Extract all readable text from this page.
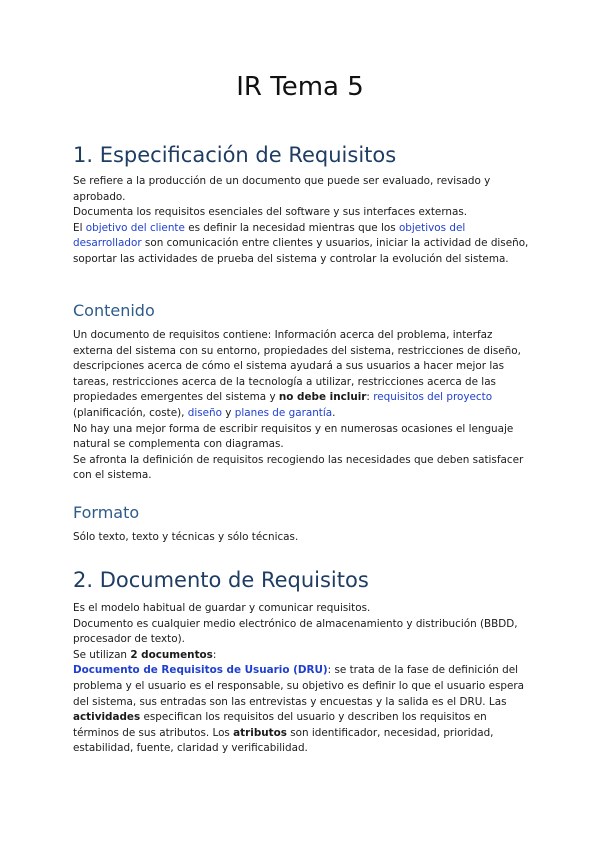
IR Tema 5
1. Especificación de Requisitos

Se refiere a la producción de un documento que puede ser evaluado, revisado y aprobado.
Documenta los requisitos esenciales del software y sus interfaces externas.
El objetivo del cliente es definir la necesidad mientras que los objetivos del desarrollador son comunicación entre clientes y usuarios, iniciar la actividad de diseño, soportar las actividades de prueba del sistema y controlar la evolución del sistema.

Contenido

Un documento de requisitos contiene: Información acerca del problema, interfaz externa del sistema con su entorno, propiedades del sistema, restricciones de diseño, descripciones acerca de cómo el sistema ayudará a sus usuarios a hacer mejor las tareas, restricciones acerca de la tecnología a utilizar, restricciones acerca de las propiedades emergentes del sistema y no debe incluir: requisitos del proyecto (planificación, coste), diseño y planes de garantía.
No hay una mejor forma de escribir requisitos y en numerosas ocasiones el lenguaje natural se complementa con diagramas.
Se afronta la definición de requisitos recogiendo las necesidades que deben satisfacer con el sistema.

Formato

Sólo texto, texto y técnicas y sólo técnicas.

2. Documento de Requisitos

Es el modelo habitual de guardar y comunicar requisitos.
Documento es cualquier medio electrónico de almacenamiento y distribución (BBDD, procesador de texto).
Se utilizan 2 documentos:
Documento de Requisitos de Usuario (DRU): se trata de la fase de definición del problema y el usuario es el responsable, su objetivo es definir lo que el usuario espera del sistema, sus entradas son las entrevistas y encuestas y la salida es el DRU. Las actividades especifican los requisitos del usuario y describen los requisitos en términos de sus atributos. Los atributos son identificador, necesidad, prioridad, estabilidad, fuente, claridad y verificabilidad.
